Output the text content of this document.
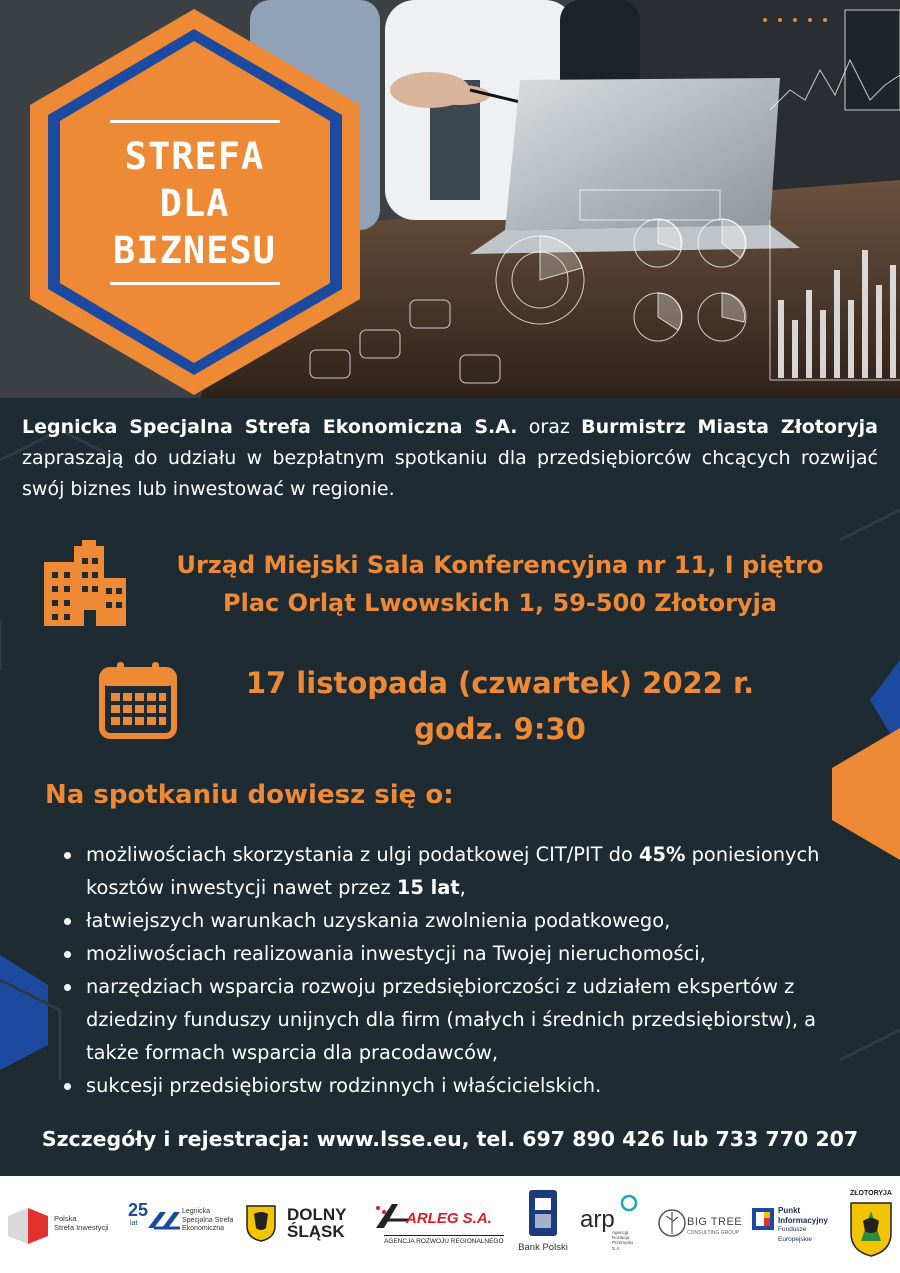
STREFA
DLA
BIZNESU
Legnicka Specjalna Strefa Ekonomiczna S.A. oraz Burmistrz Miasta Złotoryja zapraszają do udziału w bezpłatnym spotkaniu dla przedsiębiorców chcących rozwijać swój biznes lub inwestować w regionie.
Urząd Miejski Sala Konferencyjna nr 11, I piętro
Plac Orląt Lwowskich 1, 59-500 Złotoryja
17 listopada (czwartek) 2022 r.
godz. 9:30
Na spotkaniu dowiesz się o:
możliwościach skorzystania z ulgi podatkowej CIT/PIT do 45% poniesionych kosztów inwestycji nawet przez 15 lat,
łatwiejszych warunkach uzyskania zwolnienia podatkowego,
możliwościach realizowania inwestycji na Twojej nieruchomości,
narzędziach wsparcia rozwoju przedsiębiorczości z udziałem ekspertów z dziedziny funduszy unijnych dla firm (małych i średnich przedsiębiorstw), a także formach wsparcia dla pracodawców,
sukcesji przedsiębiorstw rodzinnych i właścicielskich.
Szczegóły i rejestracja: www.lsse.eu, tel. 697 890 426 lub 733 770 207
Polska
Strefa Inwestycji
25
lat
Legnicka
Specjalna Strefa
Ekonomiczna
DOLNY
ŚLĄSK
ARLEG S.A.
AGENCJA ROZWOJU REGIONALNEGO
Bank Polski
arp
Agencja
Rozwoju
Przemysłu
S.A.
BIG TREE
CONSULTING GROUP
Punkt
Informacyjny
Fundusze Europejskie
ZŁOTORYJA
